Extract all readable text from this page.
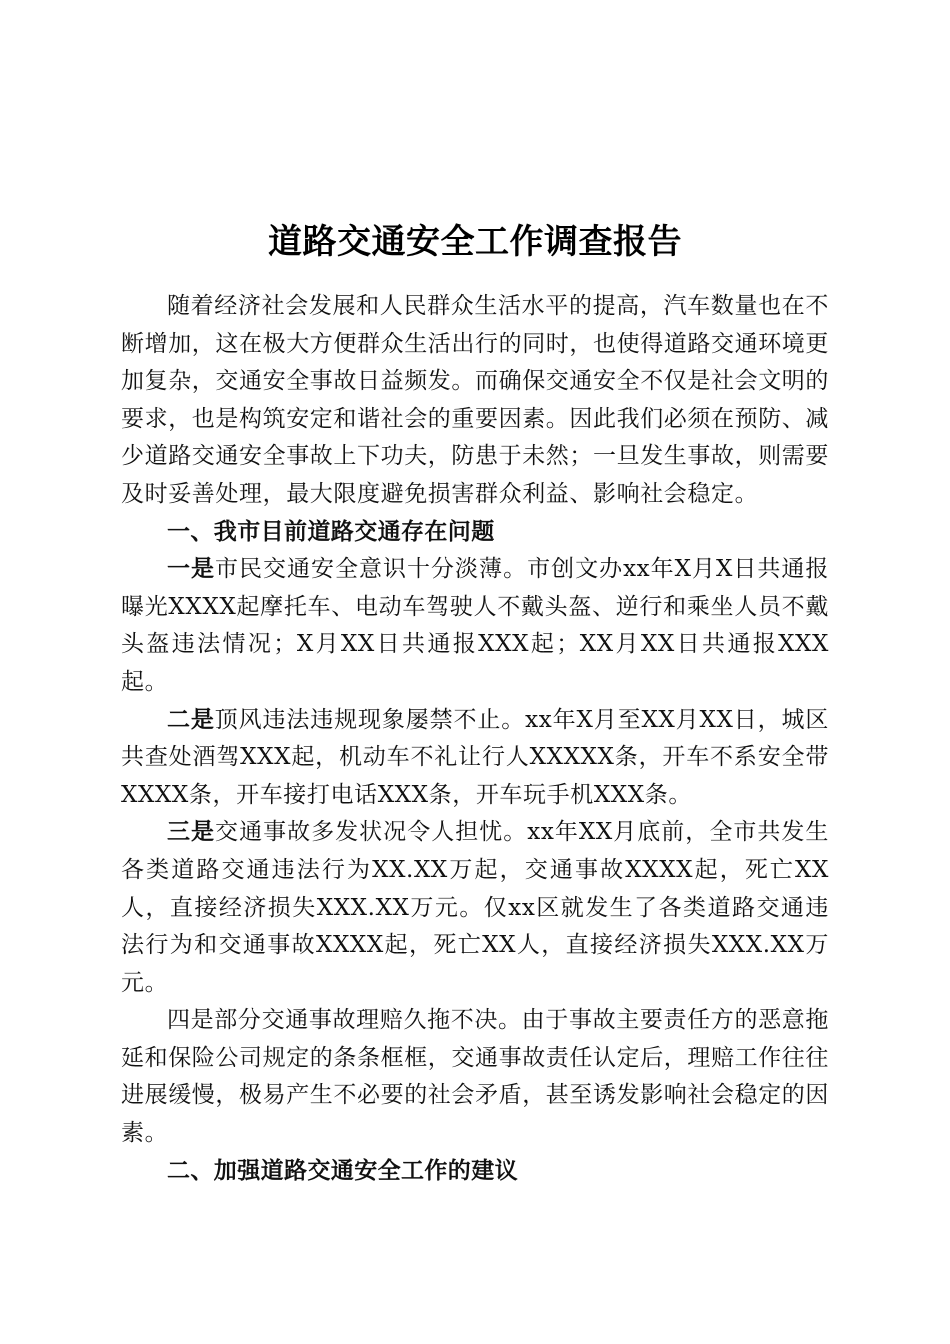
道路交通安全工作调查报告

随着经济社会发展和人民群众生活水平的提高，汽车数量也在不断增加，这在极大方便群众生活出行的同时，也使得道路交通环境更加复杂，交通安全事故日益频发。而确保交通安全不仅是社会文明的要求，也是构筑安定和谐社会的重要因素。因此我们必须在预防、减少道路交通安全事故上下功夫，防患于未然；一旦发生事故，则需要及时妥善处理，最大限度避免损害群众利益、影响社会稳定。

一、我市目前道路交通存在问题

一是市民交通安全意识十分淡薄。市创文办xx年X月X日共通报曝光XXXX起摩托车、电动车驾驶人不戴头盔、逆行和乘坐人员不戴头盔违法情况；X月XX日共通报XXX起；XX月XX日共通报XXX起。

二是顶风违法违规现象屡禁不止。xx年X月至XX月XX日，城区共查处酒驾XXX起，机动车不礼让行人XXXXX条，开车不系安全带XXXX条，开车接打电话XXX条，开车玩手机XXX条。

三是交通事故多发状况令人担忧。xx年XX月底前，全市共发生各类道路交通违法行为XX.XX万起，交通事故XXXX起，死亡XX人，直接经济损失XXX.XX万元。仅xx区就发生了各类道路交通违法行为和交通事故XXXX起，死亡XX人，直接经济损失XXX.XX万元。

四是部分交通事故理赔久拖不决。由于事故主要责任方的恶意拖延和保险公司规定的条条框框，交通事故责任认定后，理赔工作往往进展缓慢，极易产生不必要的社会矛盾，甚至诱发影响社会稳定的因素。

二、加强道路交通安全工作的建议
